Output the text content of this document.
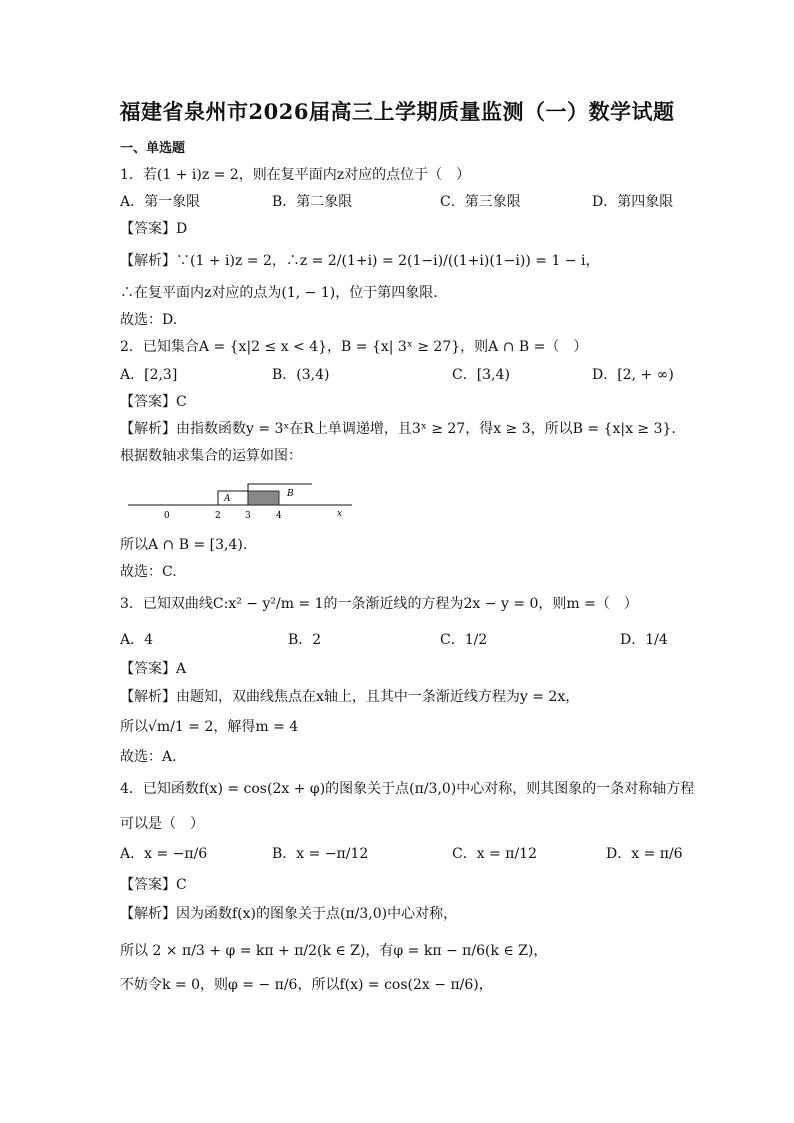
福建省泉州市2026届高三上学期质量监测（一）数学试题
一、单选题
1．若(1 + i)z = 2，则在复平面内z对应的点位于（　）
A．第一象限	B．第二象限	C．第三象限	D．第四象限
【答案】D
【解析】∵(1 + i)z = 2，∴z = 2/(1+i) = 2(1−i)/((1+i)(1−i)) = 1 − i，
∴在复平面内z对应的点为(1, − 1)，位于第四象限.
故选：D.
2．已知集合A = {x|2 ≤ x < 4}，B = {x| 3ˣ ≥ 27}，则A ∩ B =（　）
A．[2,3]	B．(3,4)	C．[3,4)	D．[2, + ∞)
【答案】C
【解析】由指数函数y = 3ˣ在R上单调递增，且3ˣ ≥ 27，得x ≥ 3，所以B = {x|x ≥ 3}.
根据数轴求集合的运算如图：
A	B
0	2	3	4	x
所以A ∩ B = [3,4).
故选：C.
3．已知双曲线C:x² − y²/m = 1的一条渐近线的方程为2x − y = 0，则m =（　）
A．4	B．2	C．1/2	D．1/4
【答案】A
【解析】由题知，双曲线焦点在x轴上，且其中一条渐近线方程为y = 2x，
所以√m/1 = 2，解得m = 4
故选：A.
4．已知函数f(x) = cos(2x + φ)的图象关于点(π/3,0)中心对称，则其图象的一条对称轴方程
可以是（　）
A．x = −π/6	B．x = −π/12	C．x = π/12	D．x = π/6
【答案】C
【解析】因为函数f(x)的图象关于点(π/3,0)中心对称，
所以 2 × π/3 + φ = kπ + π/2(k ∈ Z)，有φ = kπ − π/6(k ∈ Z)，
不妨令k = 0，则φ = − π/6，所以f(x) = cos(2x − π/6)，
